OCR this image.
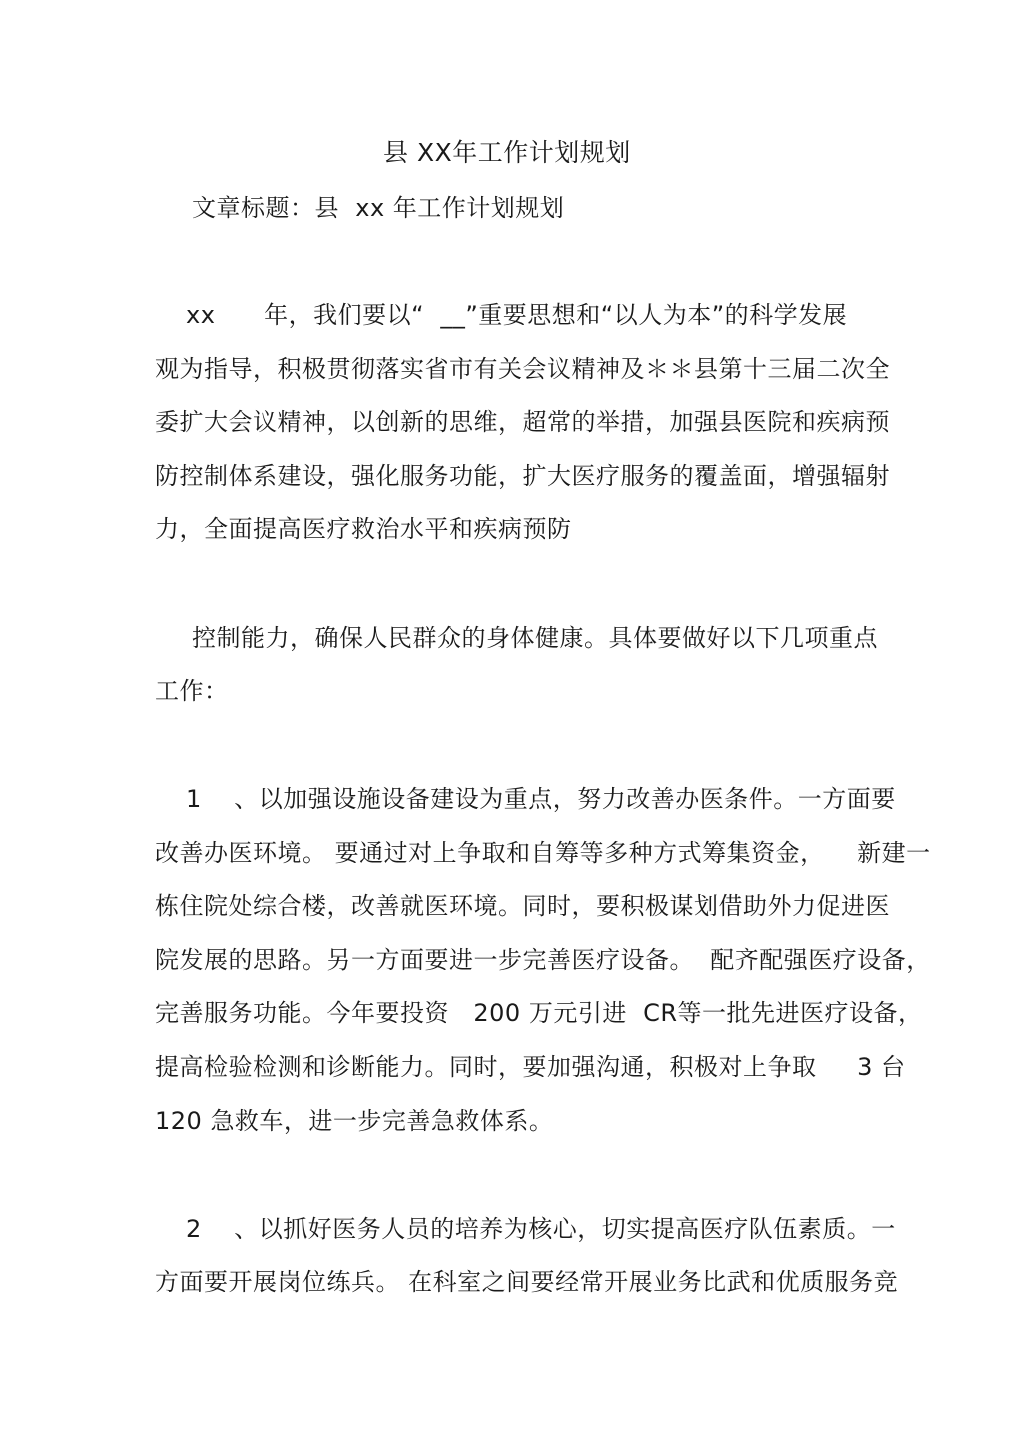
县 XX年工作计划规划
文章标题：县  xx 年工作计划规划
xx      年，我们要以“  __”重要思想和“以人为本”的科学发展
观为指导，积极贯彻落实省市有关会议精神及＊＊县第十三届二次全
委扩大会议精神，以创新的思维，超常的举措，加强县医院和疾病预
防控制体系建设，强化服务功能，扩大医疗服务的覆盖面，增强辐射
力，全面提高医疗救治水平和疾病预防
控制能力，确保人民群众的身体健康。具体要做好以下几项重点
工作：
1    、以加强设施设备建设为重点，努力改善办医条件。一方面要
改善办医环境。 要通过对上争取和自筹等多种方式筹集资金，    新建一
栋住院处综合楼，改善就医环境。同时，要积极谋划借助外力促进医
院发展的思路。另一方面要进一步完善医疗设备。  配齐配强医疗设备，
完善服务功能。今年要投资   200 万元引进  CR等一批先进医疗设备，
提高检验检测和诊断能力。同时，要加强沟通，积极对上争取     3 台
120 急救车，进一步完善急救体系。
2    、以抓好医务人员的培养为核心，切实提高医疗队伍素质。一
方面要开展岗位练兵。 在科室之间要经常开展业务比武和优质服务竞
